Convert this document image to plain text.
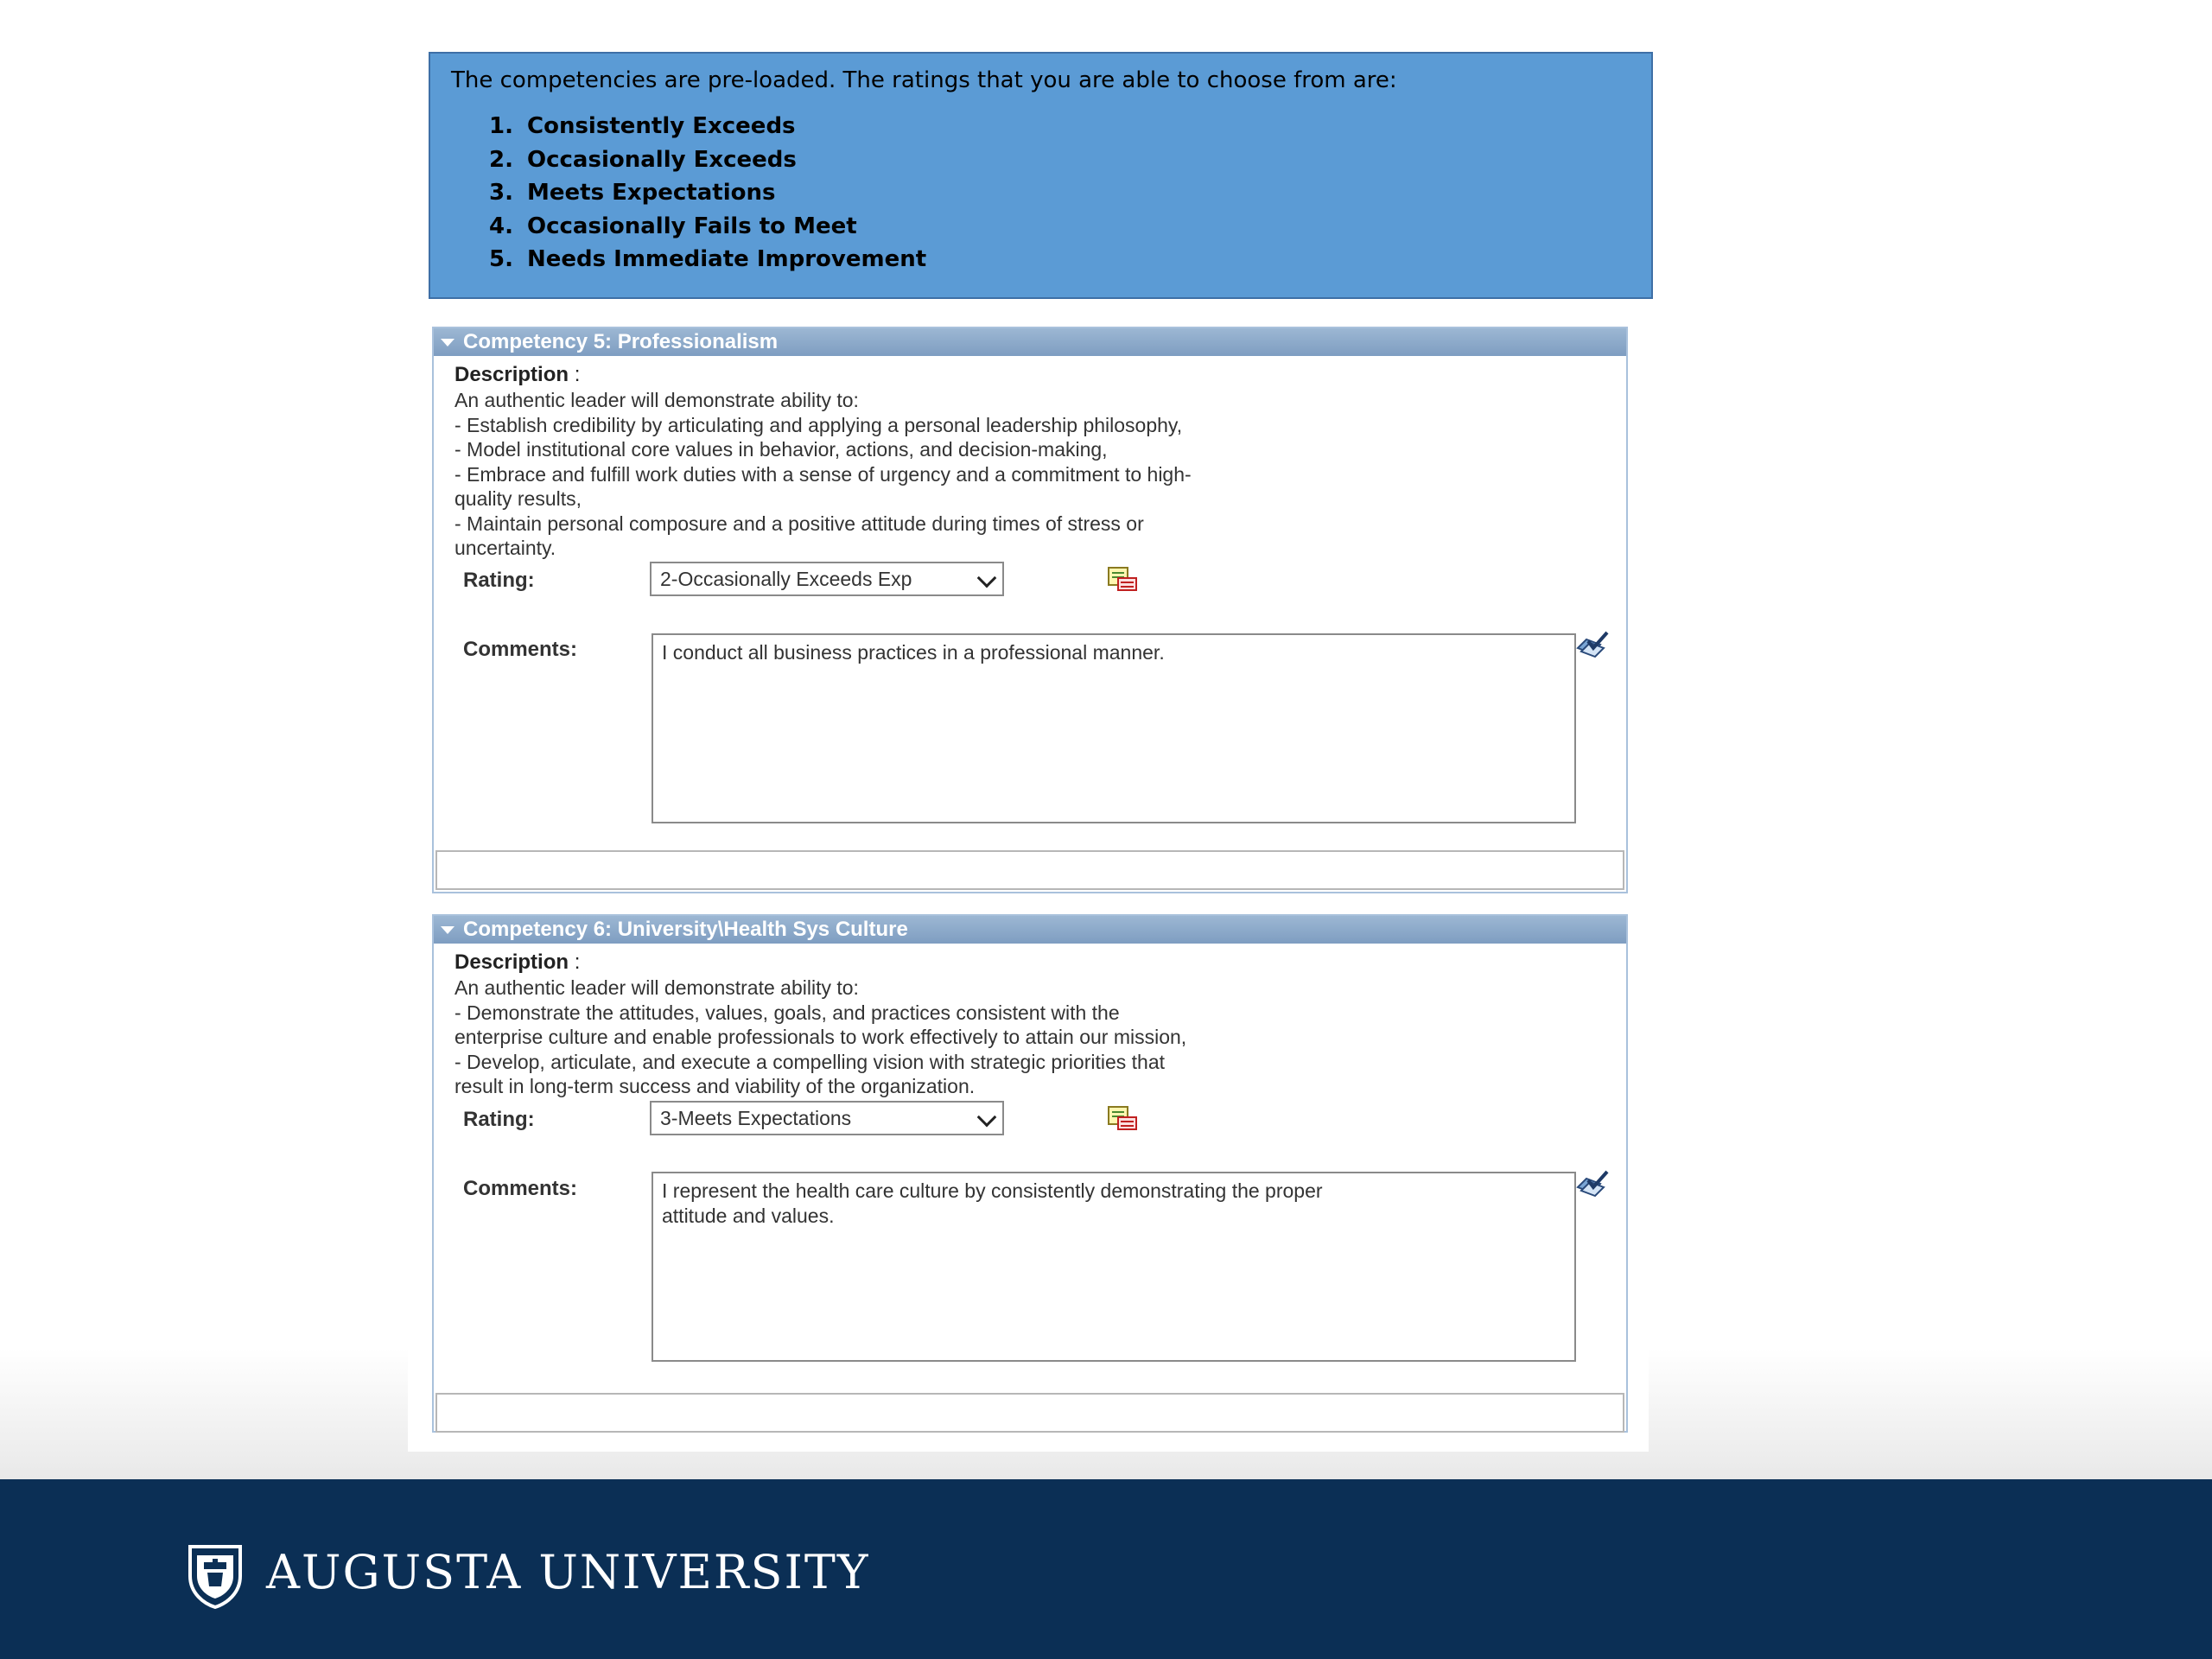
The competencies are pre-loaded. The ratings that you are able to choose from are:
1. Consistently Exceeds
2. Occasionally Exceeds
3. Meets Expectations
4. Occasionally Fails to Meet
5. Needs Immediate Improvement
Competency 5: Professionalism
Description :
An authentic leader will demonstrate ability to:
- Establish credibility by articulating and applying a personal leadership philosophy,
- Model institutional core values in behavior, actions, and decision-making,
- Embrace and fulfill work duties with a sense of urgency and a commitment to high-
quality results,
- Maintain personal composure and a positive attitude during times of stress or
uncertainty.
Rating:	2-Occasionally Exceeds Exp
Comments:	I conduct all business practices in a professional manner.
Competency 6: University\Health Sys Culture
Description :
An authentic leader will demonstrate ability to:
- Demonstrate the attitudes, values, goals, and practices consistent with the
enterprise culture and enable professionals to work effectively to attain our mission,
- Develop, articulate, and execute a compelling vision with strategic priorities that
result in long-term success and viability of the organization.
Rating:	3-Meets Expectations
Comments:	I represent the health care culture by consistently demonstrating the proper
attitude and values.
AUGUSTA UNIVERSITY
